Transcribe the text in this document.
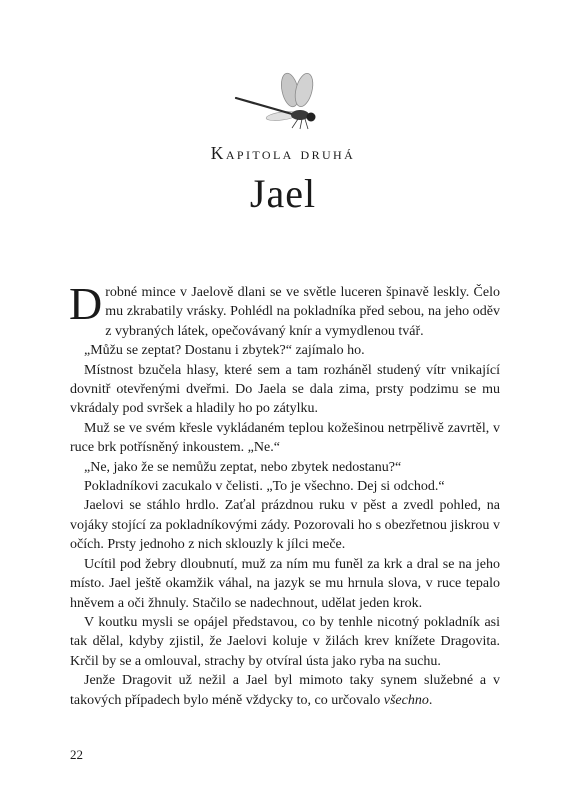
Kapitola druhá
Jael

Drobné mince v Jaelově dlani se ve světle luceren špinavě leskly. Čelo mu zkrabatily vrásky. Pohlédl na pokladníka před sebou, na jeho oděv z vybraných látek, opečovávaný knír a vymydlenou tvář.

„Můžu se zeptat? Dostanu i zbytek?“ zajímalo ho.

Místnost bzučela hlasy, které sem a tam rozháněl studený vítr vnikající dovnitř otevřenými dveřmi. Do Jaela se dala zima, prsty podzimu se mu vkrádaly pod svršek a hladily ho po zátylku.

Muž se ve svém křesle vykládaném teplou kožešinou netrpělivě zavrtěl, v ruce brk potřísněný inkoustem. „Ne.“

„Ne, jako že se nemůžu zeptat, nebo zbytek nedostanu?“

Pokladníkovi zacukalo v čelisti. „To je všechno. Dej si odchod.“

Jaelovi se stáhlo hrdlo. Zaťal prázdnou ruku v pěst a zvedl pohled, na vojáky stojící za pokladníkovými zády. Pozorovali ho s obezřetnou jiskrou v očích. Prsty jednoho z nich sklouzly k jílci meče.

Ucítil pod žebry dloubnutí, muž za ním mu funěl za krk a dral se na jeho místo. Jael ještě okamžik váhal, na jazyk se mu hrnula slova, v ruce tepalo hněvem a oči žhnuly. Stačilo se nadechnout, udělat jeden krok.

V koutku mysli se opájel představou, co by tenhle nicotný pokladník asi tak dělal, kdyby zjistil, že Jaelovi koluje v žilách krev knížete Dragovita. Krčil by se a omlouval, strachy by otvíral ústa jako ryba na suchu.

Jenže Dragovit už nežil a Jael byl mimoto taky synem služebné a v takových případech bylo méně vždycky to, co určovalo všechno.

22
